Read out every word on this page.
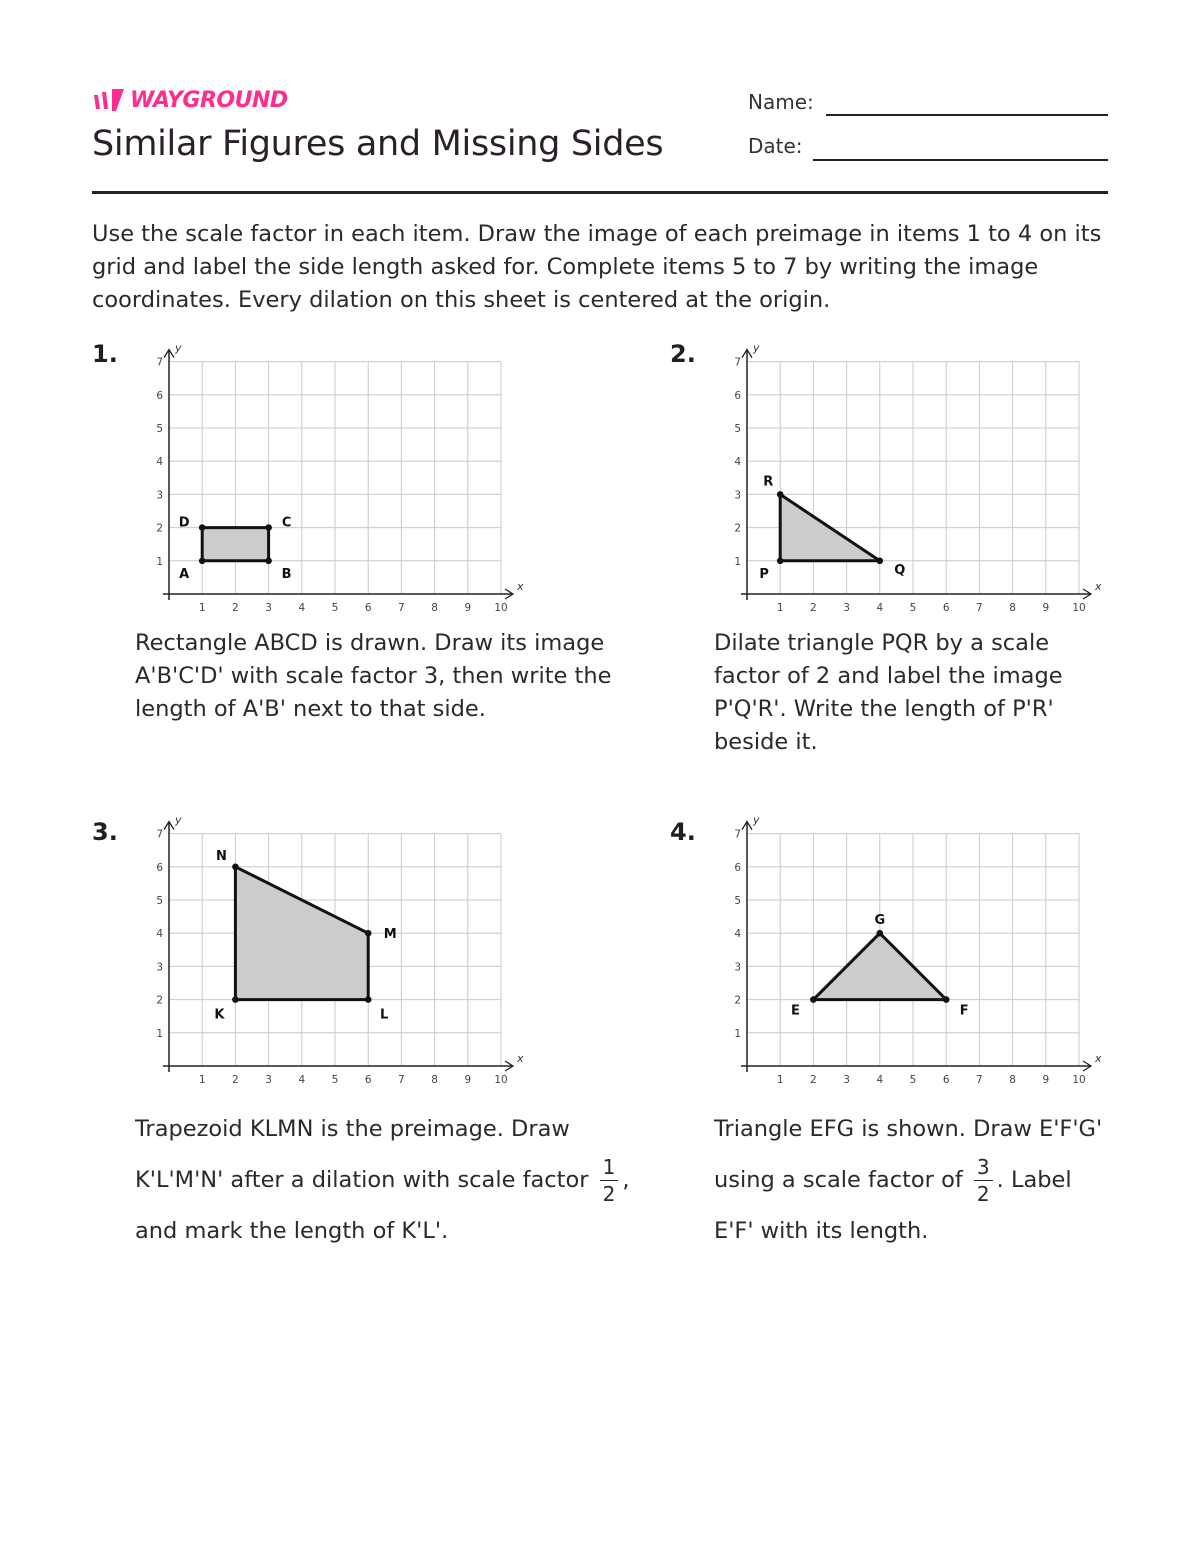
WAYGROUND
Similar Figures and Missing Sides
Name:
Date:

Use the scale factor in each item. Draw the image of each preimage in items 1 to 4 on its grid and label the side length asked for. Complete items 5 to 7 by writing the image coordinates. Every dilation on this sheet is centered at the origin.

1.
x
y
1	2	3	4	5	6	7	8	9 10
1
2
3
4
5
6
7
A	B
C
D

Rectangle ABCD is drawn. Draw its image A'B'C'D' with scale factor 3, then write the length of A'B' next to that side.

2.
x
y
1	2	3	4	5	6	7	8	9 10
1
2
3
4
5
6
7
P	Q
R

Dilate triangle PQR by a scale factor of 2 and label the image P'Q'R'. Write the length of P'R' beside it.

3.
x
y
1	2	3	4	5	6	7	8	9 10
1
2
3
4
5
6
7
K	L
M
N
Trapezoid KLMN is the preimage. Draw
K'L'M'N' after a dilation with scale factor $\frac{1}{2}$ ,
and mark the length of K'L'.
4.
x
y
1	2	3	4	5	6	7	8	9 10
1
2
3
4
5
6
7
E	F
G
Triangle EFG is shown. Draw E'F'G'
using a scale factor of $\frac{3}{2}$ . Label
E'F' with its length.
